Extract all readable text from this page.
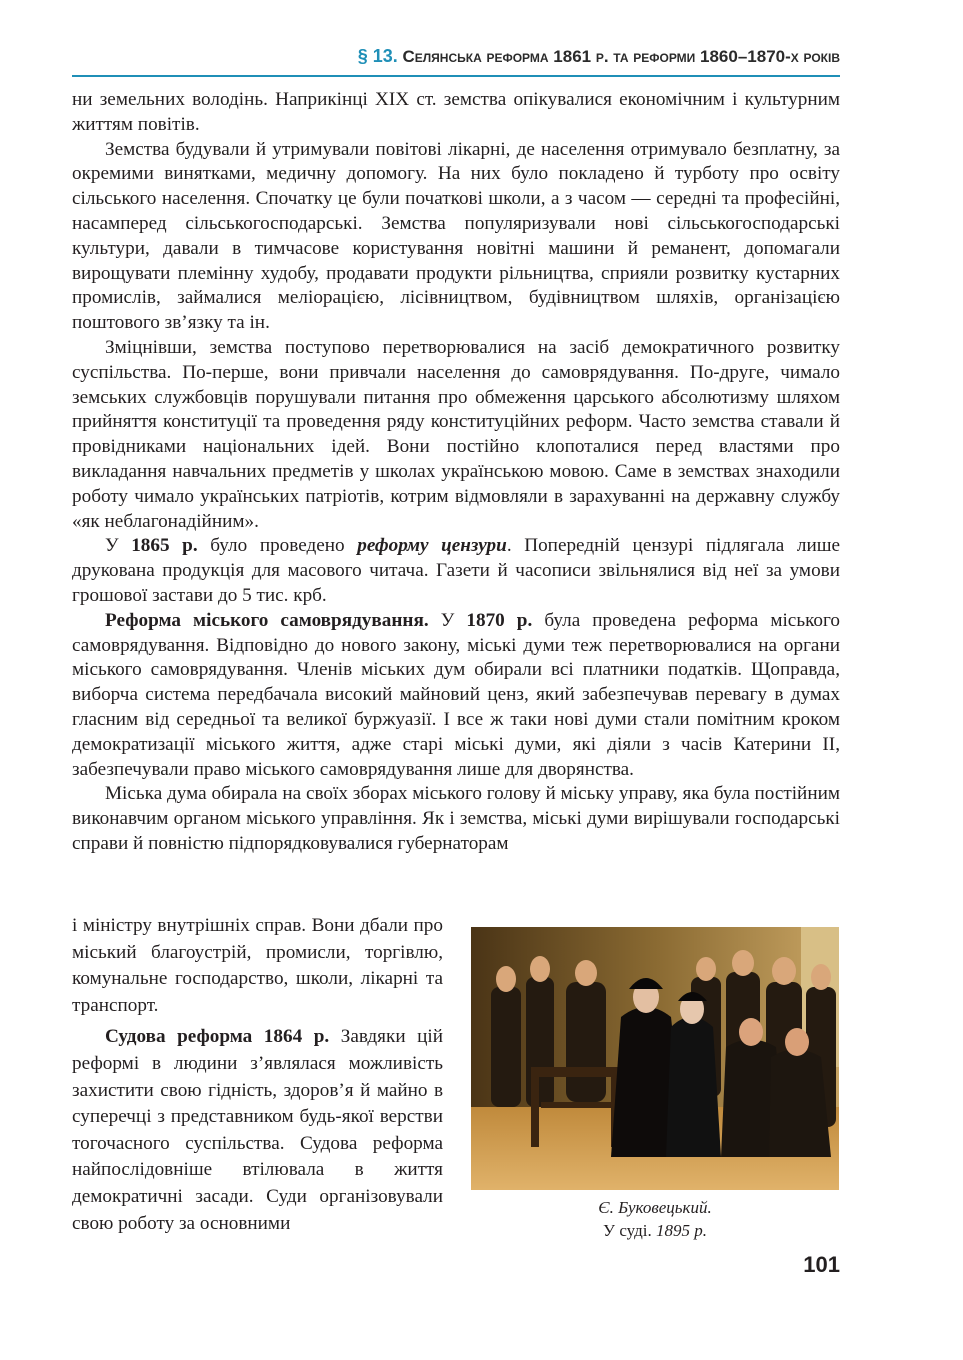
§ 13. Селянська реформа 1861 р. та реформи 1860–1870-х років

ни земельних володінь. Наприкінці XIX ст. земства опікувалися економічним і культурним життям повітів.

Земства будували й утримували повітові лікарні, де населення отримувало безплатну, за окремими винятками, медичну допомогу. На них було покладено й турботу про освіту сільського населення. Спочатку це були початкові школи, а з часом — середні та професійні, насамперед сільськогосподарські. Земства популяризували нові сільськогосподарські культури, давали в тимчасове користування новітні машини й реманент, допомагали вирощувати племінну худобу, продавати продукти рільництва, сприяли розвитку кустарних промислів, займалися меліорацією, лісівництвом, будівництвом шляхів, організацією поштового зв’язку та ін.

Зміцнівши, земства поступово перетворювалися на засіб демократичного розвитку суспільства. По-перше, вони привчали населення до самоврядування. По-друге, чимало земських службовців порушували питання про обмеження царського абсолютизму шляхом прийняття конституції та проведення ряду конституційних реформ. Часто земства ставали й провідниками національних ідей. Вони постійно клопоталися перед властями про викладання навчальних предметів у школах українською мовою. Саме в земствах знаходили роботу чимало українських патріотів, котрим відмовляли в зарахуванні на державну службу «як неблагонадійним».

У 1865 р. було проведено реформу цензури. Попередній цензурі підлягала лише друкована продукція для масового читача. Газети й часописи звільнялися від неї за умови грошової застави до 5 тис. крб.

Реформа міського самоврядування. У 1870 р. була проведена реформа міського самоврядування. Відповідно до нового закону, міські думи теж перетворювалися на органи міського самоврядування. Членів міських дум обирали всі платники податків. Щоправда, виборча система передбачала високий майновий ценз, який забезпечував перевагу в думах гласним від середньої та великої буржуазії. І все ж таки нові думи стали помітним кроком демократизації міського життя, адже старі міські думи, які діяли з часів Катерини ІІ, забезпечували право міського самоврядування лише для дворянства.

Міська дума обирала на своїх зборах міського голову й міську управу, яка була постійним виконавчим органом міського управління. Як і земства, міські думи вирішували господарські справи й повністю підпорядковувалися губернаторам

і міністру внутрішніх справ. Вони дбали про міський благоустрій, промисли, торгівлю, комунальне господарство, школи, лікарні та транспорт.

Судова реформа 1864 р. Завдяки цій реформі в людини з’являлася можливість захистити свою гідність, здоров’я й майно в суперечці з представником будь-якої верстви тогочасного суспільства. Судова реформа найпослідовніше втілювала в життя демократичні засади. Суди організовували свою роботу за основними

Є. Буковецький.
У суді. 1895 р.
101
